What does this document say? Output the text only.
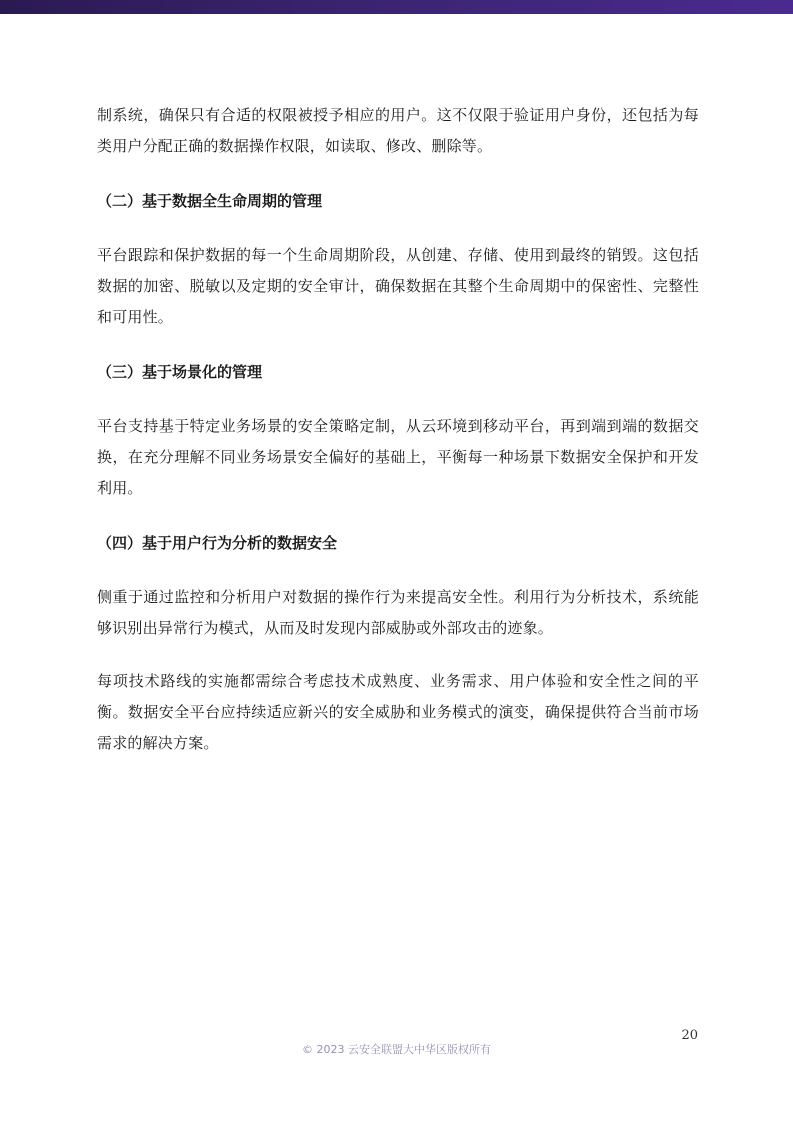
制系统，确保只有合适的权限被授予相应的用户。这不仅限于验证用户身份，还包括为每类用户分配正确的数据操作权限，如读取、修改、删除等。

（二）基于数据全生命周期的管理

平台跟踪和保护数据的每一个生命周期阶段，从创建、存储、使用到最终的销毁。这包括数据的加密、脱敏以及定期的安全审计，确保数据在其整个生命周期中的保密性、完整性和可用性。

（三）基于场景化的管理

平台支持基于特定业务场景的安全策略定制，从云环境到移动平台，再到端到端的数据交换，在充分理解不同业务场景安全偏好的基础上，平衡每一种场景下数据安全保护和开发利用。

（四）基于用户行为分析的数据安全

侧重于通过监控和分析用户对数据的操作行为来提高安全性。利用行为分析技术，系统能够识别出异常行为模式，从而及时发现内部威胁或外部攻击的迹象。

每项技术路线的实施都需综合考虑技术成熟度、业务需求、用户体验和安全性之间的平衡。数据安全平台应持续适应新兴的安全威胁和业务模式的演变，确保提供符合当前市场需求的解决方案。

20
© 2023 云安全联盟大中华区版权所有
